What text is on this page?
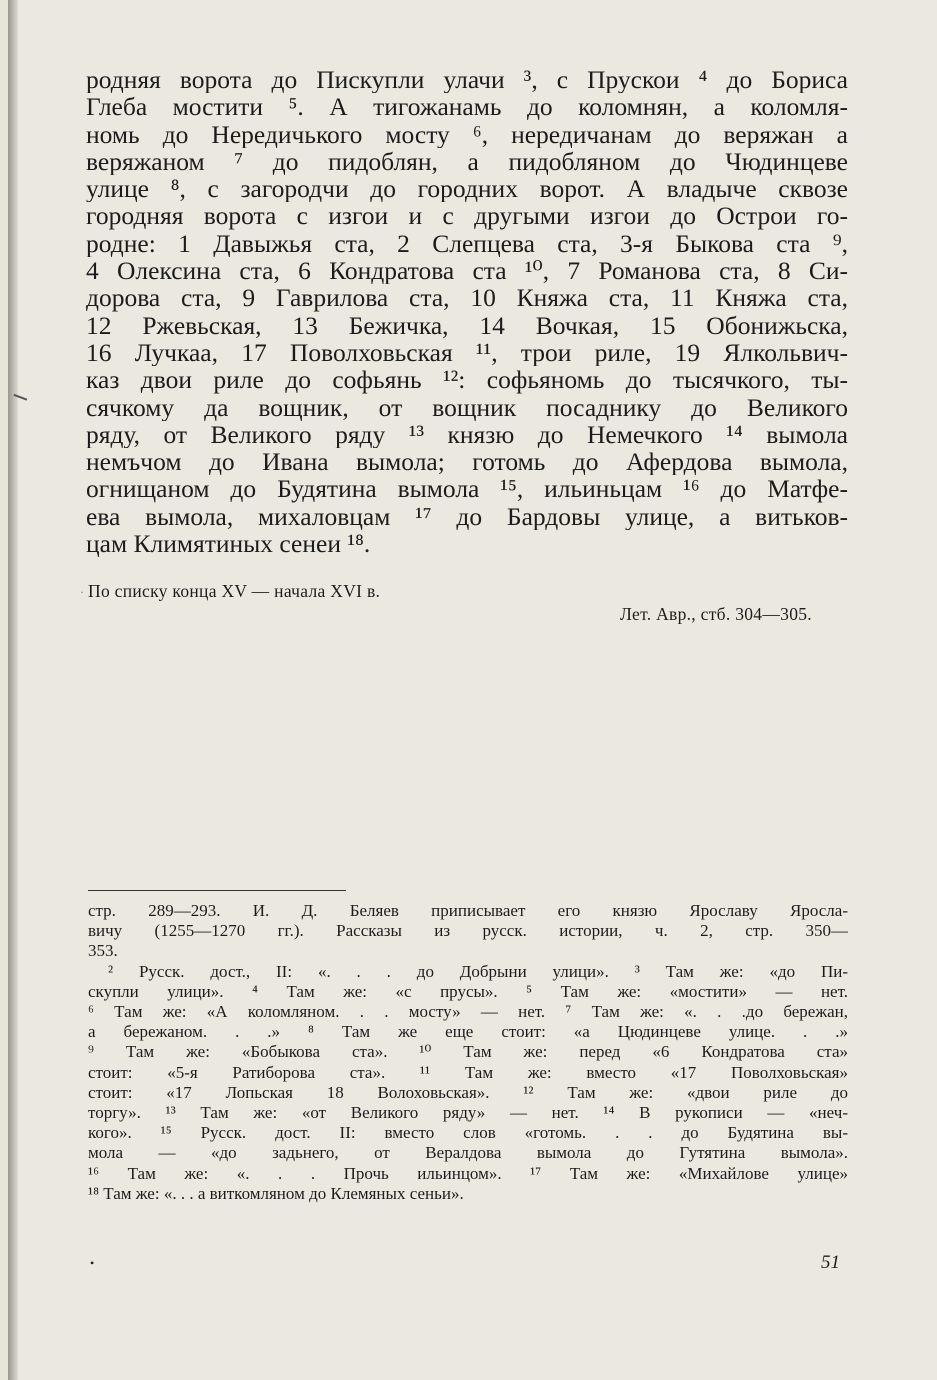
родняя ворота до Пискупли улачи ³, с Прускои ⁴ до Бориса
Глеба мостити ⁵. А тигожанамь до коломнян, а коломля-
номь до Нередичького мосту ⁶, нередичанам до веряжан а
веряжаном ⁷ до пидоблян, а пидобляном до Чюдинцеве
улице ⁸, с загородчи до городних ворот. А владыче сквозе
городняя ворота с изгои и с другыми изгои до Острои го-
родне: 1 Давыжья ста, 2 Слепцева ста, 3-я Быкова ста ⁹,
4 Олексина ста, 6 Кондратова ста ¹⁰, 7 Романова ста, 8 Си-
дорова ста, 9 Гаврилова ста, 10 Княжа ста, 11 Княжа ста,
12 Ржевьская, 13 Бежичка, 14 Вочкая, 15 Обонижьска,
16 Лучкаа, 17 Поволховьская ¹¹, трои риле, 19 Ялкольвич-
каз двои риле до софьянь ¹²: софьяномь до тысячкого, ты-
сячкому да вощник, от вощник посаднику до Великого
ряду, от Великого ряду ¹³ князю до Немечкого ¹⁴ вымола
немъчом до Ивана вымола; готомь до Афердова вымола,
огнищаном до Будятина вымола ¹⁵, ильиньцам ¹⁶ до Матфе-
ева вымола, михаловцам ¹⁷ до Бардовы улице, а витьков-
цам Климятиных сенеи ¹⁸.
· По списку конца XV — начала XVI в.

Лет. Авр., стб. 304—305.

стр. 289—293. И. Д. Беляев приписывает его князю Ярославу Яросла-
вичу (1255—1270 гг.). Рассказы из русск. истории, ч. 2, стр. 350—
353.
² Русск. дост., II: «. . . до Добрыни улици». ³ Там же: «до Пи-
скупли улици». ⁴ Там же: «с прусы». ⁵ Там же: «мостити» — нет.
⁶ Там же: «А коломляном. . . мосту» — нет. ⁷ Там же: «. . .до бережан,
а бережаном. . .» ⁸ Там же еще стоит: «а Цюдинцеве улице. . .»
⁹ Там же: «Бобыкова ста». ¹⁰ Там же: перед «6 Кондратова ста»
стоит: «5-я Ратиборова ста». ¹¹ Там же: вместо «17 Поволховьская»
стоит: «17 Лопьская 18 Волоховьская». ¹² Там же: «двои риле до
торгу». ¹³ Там же: «от Великого ряду» — нет. ¹⁴ В рукописи — «неч-
кого». ¹⁵ Русск. дост. II: вместо слов «готомь. . . до Будятина вы-
мола — «до задьнего, от Вералдова вымола до Гутятина вымола».
¹⁶ Там же: «. . . Прочь ильинцом». ¹⁷ Там же: «Михайлове улице»
¹⁸ Там же: «. . . а виткомляном до Клемяных сеньи».
•	51
